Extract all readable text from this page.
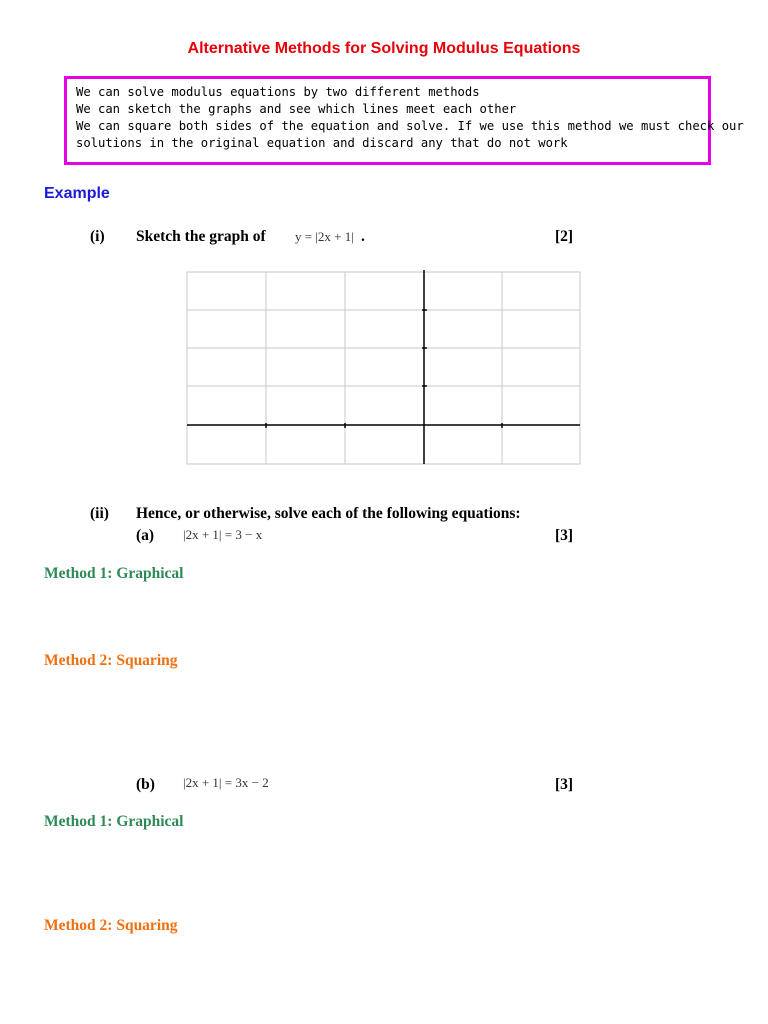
Alternative Methods for Solving Modulus Equations
We can solve modulus equations by two different methods
We can sketch the graphs and see which lines meet each other
We can square both sides of the equation and solve. If we use this method we must check our
solutions in the original equation and discard any that do not work
Example
(i) Sketch the graph of y = |2x + 1| .	[2]
(ii) Hence, or otherwise, solve each of the following equations:
(a) |2x + 1| = 3 − x	[3]
Method 1: Graphical
Method 2: Squaring
(b) |2x + 1| = 3x − 2	[3]
Method 1: Graphical
Method 2: Squaring
